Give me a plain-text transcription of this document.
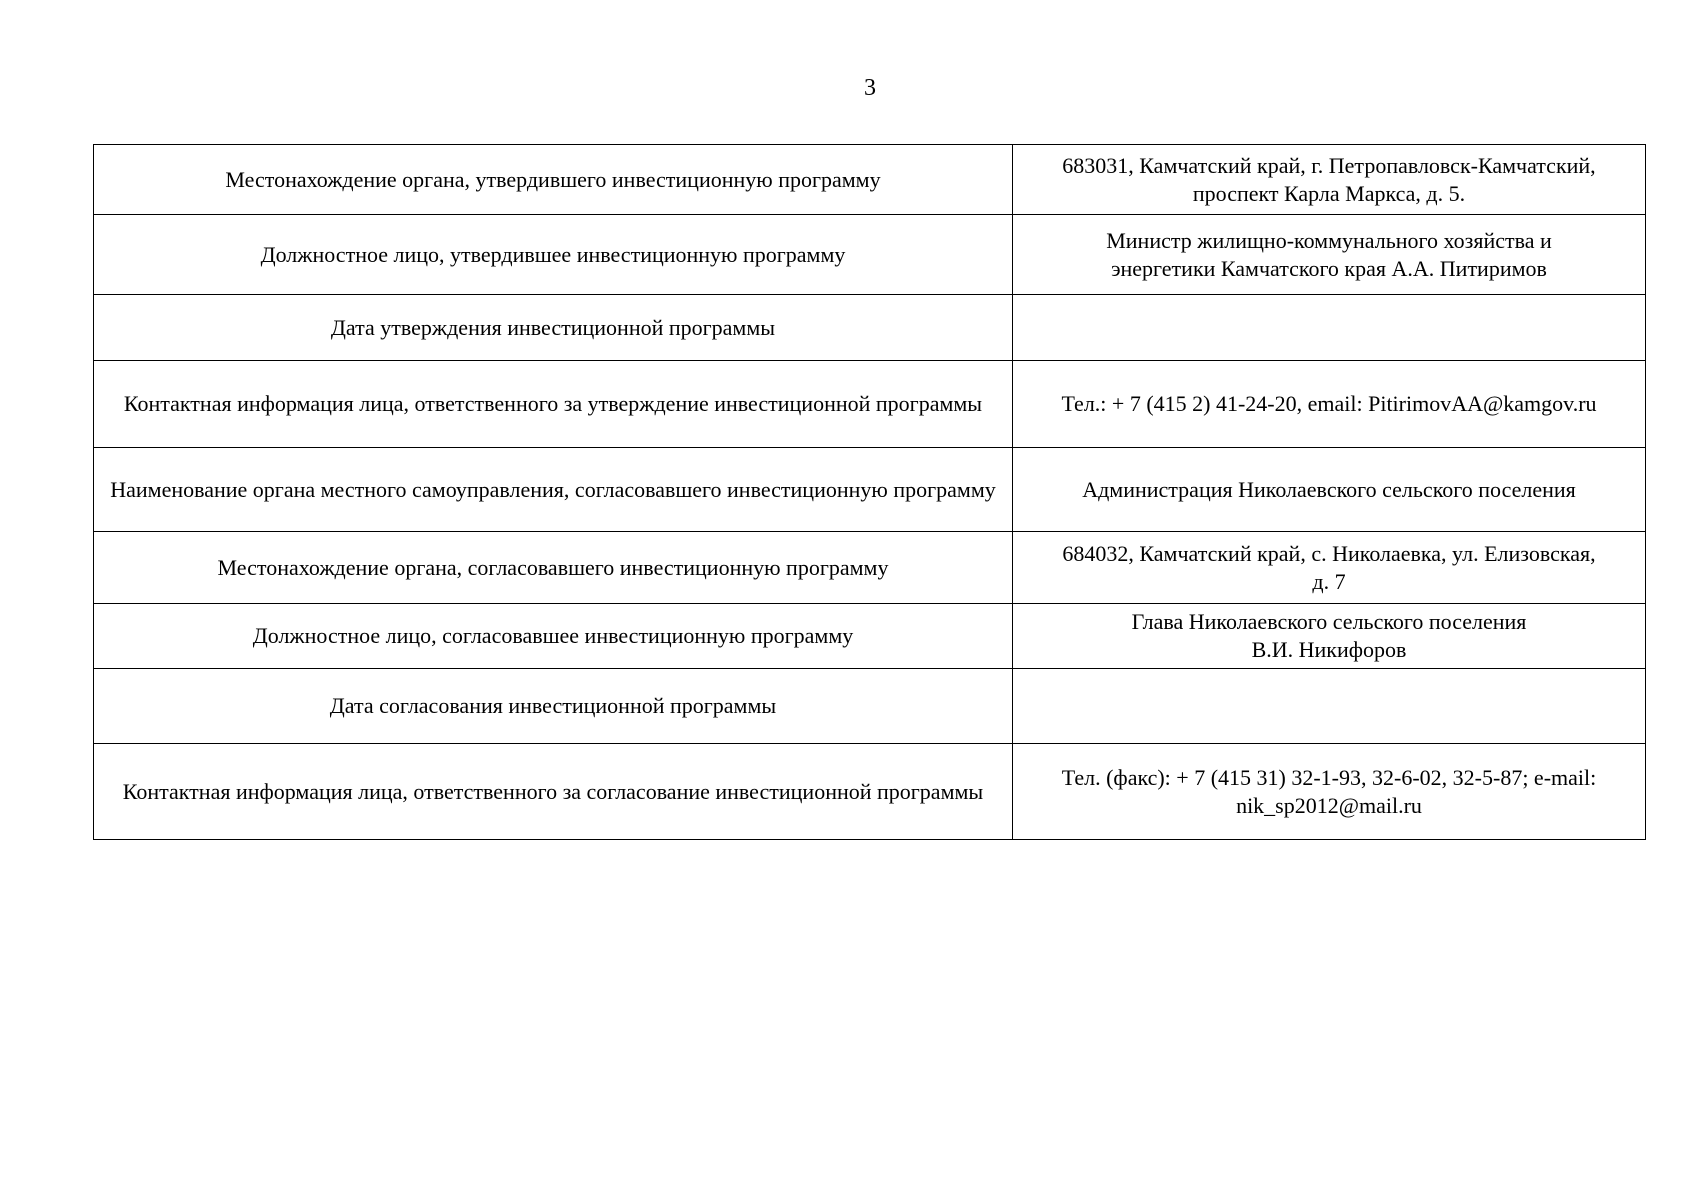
3
Местонахождение органа, утвердившего инвестиционную программу	683031, Камчатский край, г. Петропавловск-Камчатский,
проспект Карла Маркса, д. 5.

Должностное лицо, утвердившее инвестиционную программу	Министр жилищно-коммунального хозяйства и
энергетики Камчатского края А.А. Питиримов

Дата утверждения инвестиционной программы	
Контактная информация лица, ответственного за утверждение инвестиционной программы	Тел.: + 7 (415 2) 41-24-20, email: PitirimovAA@kamgov.ru

Наименование органа местного самоуправления, согласовавшего инвестиционную программу	Администрация Николаевского сельского поселения

Местонахождение органа, согласовавшего инвестиционную программу	684032, Камчатский край, с. Николаевка, ул. Елизовская,
д. 7

Должностное лицо, согласовавшее инвестиционную программу	Глава Николаевского сельского поселения
В.И. Никифоров

Дата согласования инвестиционной программы	
Контактная информация лица, ответственного за согласование инвестиционной программы	Тел. (факс): + 7 (415 31) 32-1-93, 32-6-02, 32-5-87; e-mail:
nik_sp2012@mail.ru
